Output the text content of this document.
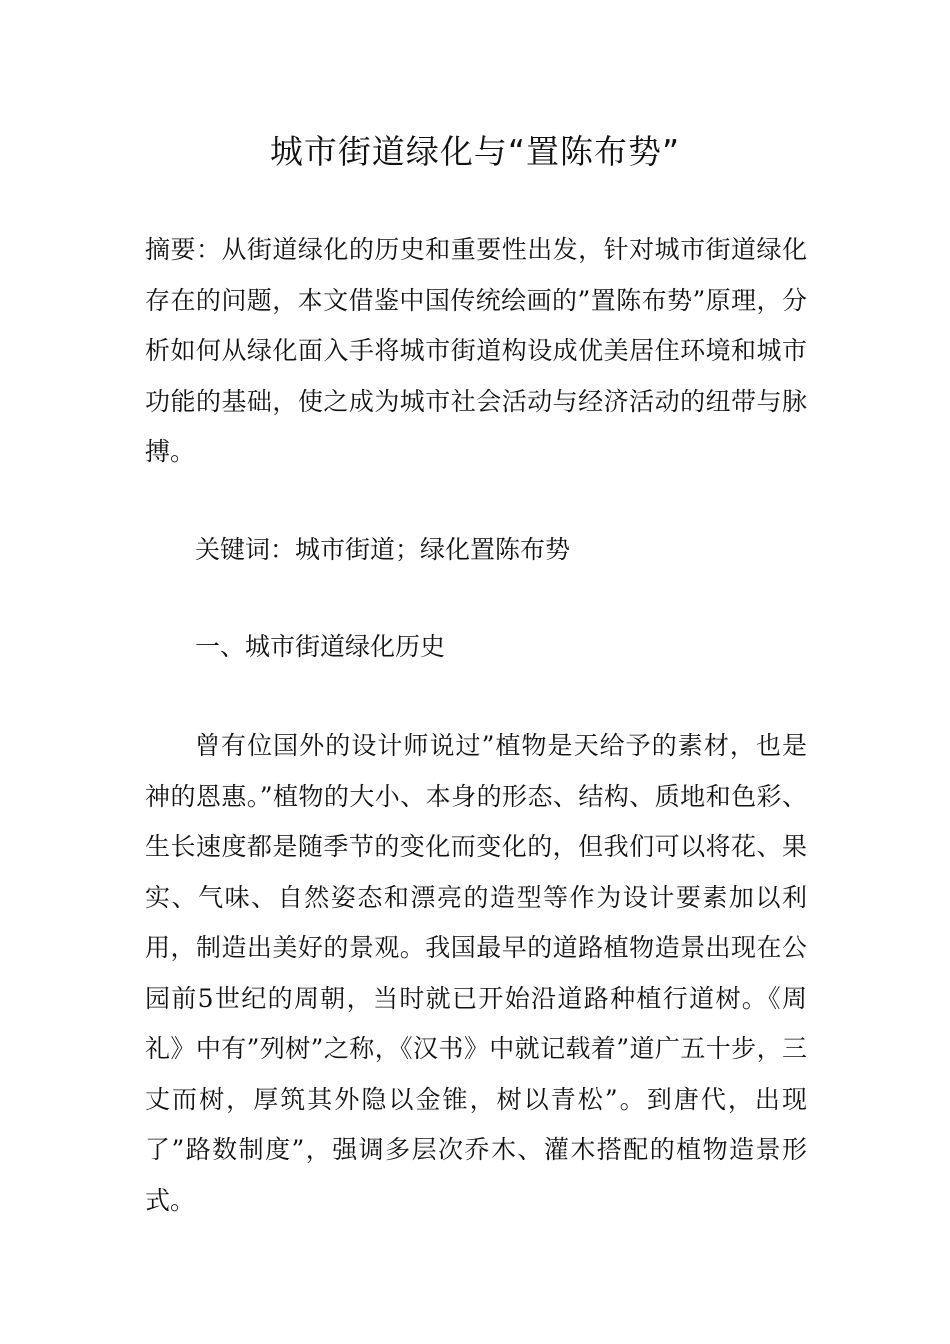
城市街道绿化与“置陈布势”

摘要：从街道绿化的历史和重要性出发，针对城市街道绿化存在的问题，本文借鉴中国传统绘画的”置陈布势”原理，分析如何从绿化面入手将城市街道构设成优美居住环境和城市功能的基础，使之成为城市社会活动与经济活动的纽带与脉搏。

关键词：城市街道；绿化置陈布势

一、城市街道绿化历史

曾有位国外的设计师说过”植物是天给予的素材，也是神的恩惠。”植物的大小、本身的形态、结构、质地和色彩、生长速度都是随季节的变化而变化的，但我们可以将花、果实、气味、自然姿态和漂亮的造型等作为设计要素加以利用，制造出美好的景观。我国最早的道路植物造景出现在公园前5世纪的周朝，当时就已开始沿道路种植行道树。《周礼》中有”列树”之称，《汉书》中就记载着”道广五十步，三丈而树，厚筑其外隐以金锥，树以青松”。到唐代，出现了”路数制度”，强调多层次乔木、灌木搭配的植物造景形式。
